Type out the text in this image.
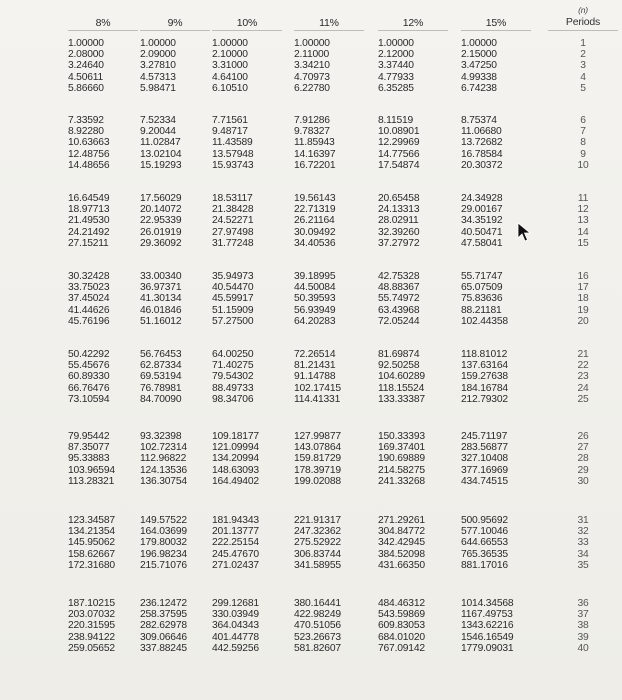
8%
1.00000
2.08000
3.24640
4.50611
5.86660
7.33592
8.92280
10.63663
12.48756
14.48656
16.64549
18.97713
21.49530
24.21492
27.15211
30.32428
33.75023
37.45024
41.44626
45.76196
50.42292
55.45676
60.89330
66.76476
73.10594
79.95442
87.35077
95.33883
103.96594
113.28321
123.34587
134.21354
145.95062
158.62667
172.31680
187.10215
203.07032
220.31595
238.94122
259.05652
9%
1.00000
2.09000
3.27810
4.57313
5.98471
7.52334
9.20044
11.02847
13.02104
15.19293
17.56029
20.14072
22.95339
26.01919
29.36092
33.00340
36.97371
41.30134
46.01846
51.16012
56.76453
62.87334
69.53194
76.78981
84.70090
93.32398
102.72314
112.96822
124.13536
136.30754
149.57522
164.03699
179.80032
196.98234
215.71076
236.12472
258.37595
282.62978
309.06646
337.88245
10%
1.00000
2.10000
3.31000
4.64100
6.10510
7.71561
9.48717
11.43589
13.57948
15.93743
18.53117
21.38428
24.52271
27.97498
31.77248
35.94973
40.54470
45.59917
51.15909
57.27500
64.00250
71.40275
79.54302
88.49733
98.34706
109.18177
121.09994
134.20994
148.63093
164.49402
181.94343
201.13777
222.25154
245.47670
271.02437
299.12681
330.03949
364.04343
401.44778
442.59256
11%
1.00000
2.11000
3.34210
4.70973
6.22780
7.91286
9.78327
11.85943
14.16397
16.72201
19.56143
22.71319
26.21164
30.09492
34.40536
39.18995
44.50084
50.39593
56.93949
64.20283
72.26514
81.21431
91.14788
102.17415
114.41331
127.99877
143.07864
159.81729
178.39719
199.02088
221.91317
247.32362
275.52922
306.83744
341.58955
380.16441
422.98249
470.51056
523.26673
581.82607
12%
1.00000
2.12000
3.37440
4.77933
6.35285
8.11519
10.08901
12.29969
14.77566
17.54874
20.65458
24.13313
28.02911
32.39260
37.27972
42.75328
48.88367
55.74972
63.43968
72.05244
81.69874
92.50258
104.60289
118.15524
133.33387
150.33393
169.37401
190.69889
214.58275
241.33268
271.29261
304.84772
342.42945
384.52098
431.66350
484.46312
543.59869
609.83053
684.01020
767.09142
15%
1.00000
2.15000
3.47250
4.99338
6.74238
8.75374
11.06680
13.72682
16.78584
20.30372
24.34928
29.00167
34.35192
40.50471
47.58041
55.71747
65.07509
75.83636
88.21181
102.44358
118.81012
137.63164
159.27638
184.16784
212.79302
245.71197
283.56877
327.10408
377.16969
434.74515
500.95692
577.10046
644.66553
765.36535
881.17016
1014.34568
1167.49753
1343.62216
1546.16549
1779.09031
(n)
Periods
1
2
3
4
5
6
7
8
9
10
11
12
13
14
15
16
17
18
19
20
21
22
23
24
25
26
27
28
29
30
31
32
33
34
35
36
37
38
39
40
